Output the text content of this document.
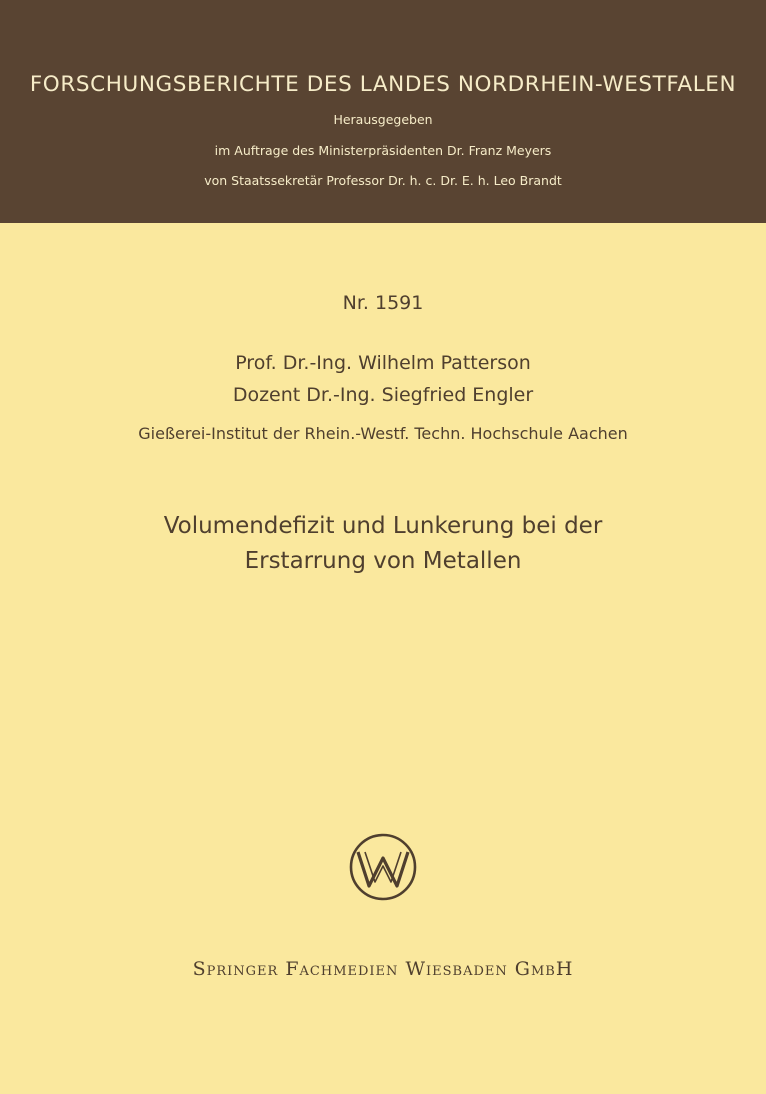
FORSCHUNGSBERICHTE DES LANDES NORDRHEIN-WESTFALEN
Herausgegeben
im Auftrage des Ministerpräsidenten Dr. Franz Meyers
von Staatssekretär Professor Dr. h. c. Dr. E. h. Leo Brandt
Nr. 1591
Prof. Dr.-Ing. Wilhelm Patterson
Dozent Dr.-Ing. Siegfried Engler
Gießerei-Institut der Rhein.-Westf. Techn. Hochschule Aachen
Volumendefizit und Lunkerung bei der
Erstarrung von Metallen
Springer Fachmedien Wiesbaden GmbH
